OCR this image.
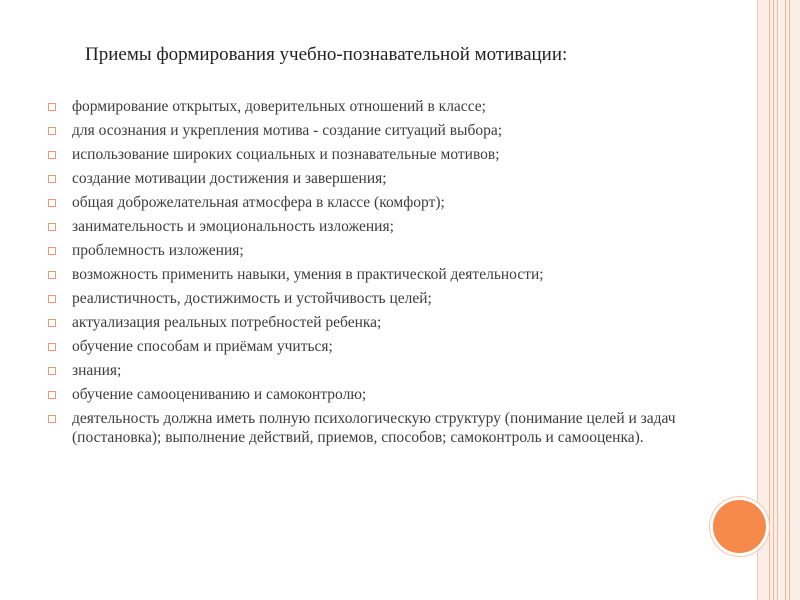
Приемы формирования учебно-познавательной мотивации:
формирование открытых, доверительных отношений в классе;
для осознания и укрепления мотива - создание ситуаций выбора;
использование широких социальных и познавательные мотивов;
создание мотивации достижения и завершения;
общая доброжелательная атмосфера в классе (комфорт);
занимательность и эмоциональность изложения;
проблемность изложения;
возможность применить навыки, умения в практической деятельности;
реалистичность, достижимость и устойчивость целей;
актуализация реальных потребностей ребенка;
обучение способам и приёмам учиться;
знания;
обучение самооцениванию и самоконтролю;
деятельность должна иметь полную психологическую структуру (понимание целей и задач (постановка); выполнение действий, приемов, способов; самоконтроль и самооценка).
